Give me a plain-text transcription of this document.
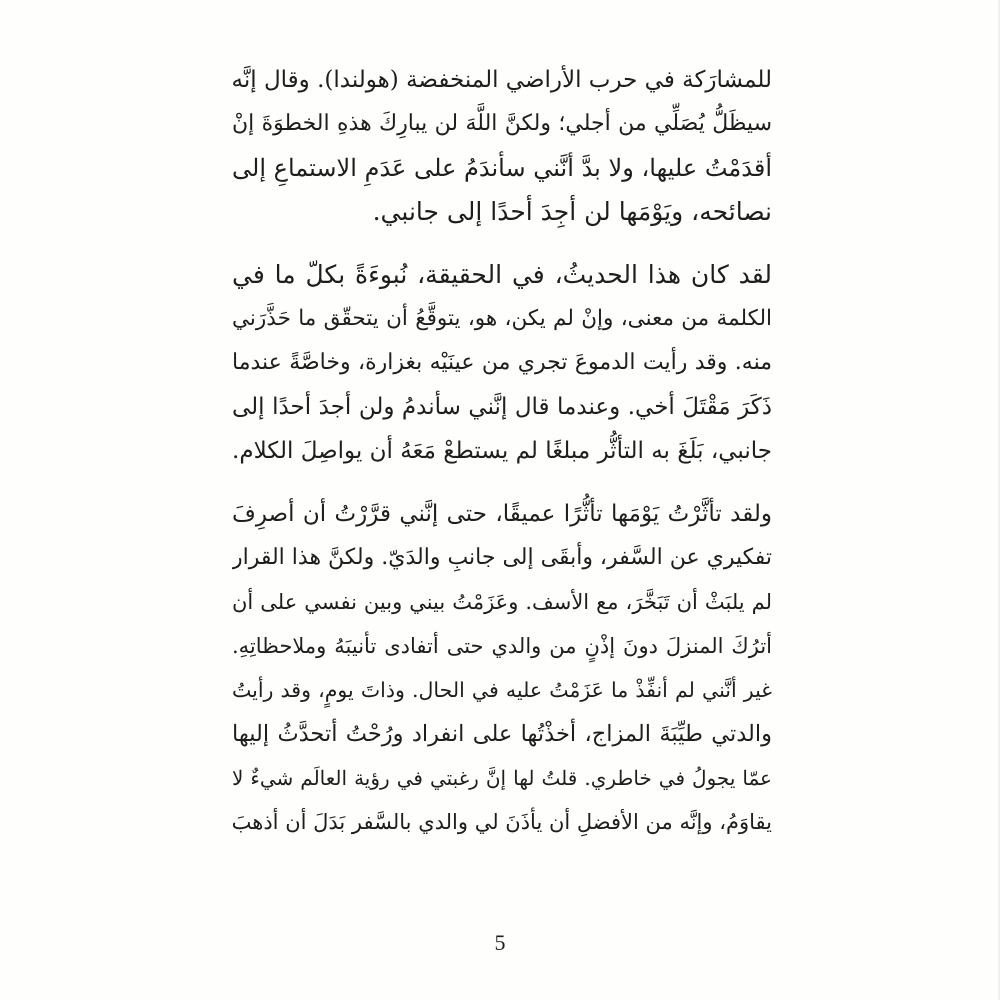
للمشارَكة في حرب الأراضي المنخفضة (هولندا). وقال إنَّه
سيظَلُّ يُصَلِّي من أجلي؛ ولكنَّ اللَّهَ لن يبارِكَ هذهِ الخطوَةَ إنْ
أقدَمْتُ عليها، ولا بدَّ أنَّني سأندَمُ على عَدَمِ الاستماعِ إلى
نصائحه، ويَوْمَها لن أجِدَ أحدًا إلى جانبي.
لقد كان هذا الحديثُ، في الحقيقة، نُبوءَةً بكلّ ما في
الكلمة من معنى، وإنْ لم يكن، هو، يتوقَّعُ أن يتحقّق ما حَذَّرَني
منه. وقد رأيت الدموعَ تجري من عينَيْه بغزارة، وخاصَّةً عندما
ذَكَرَ مَقْتَلَ أخي. وعندما قال إنَّني سأندمُ ولن أجدَ أحدًا إلى
جانبي، بَلَغَ به التأثُّر مبلغًا لم يستطعْ مَعَهُ أن يواصِلَ الكلام.
ولقد تأثَّرْتُ يَوْمَها تأثُّرًا عميقًا، حتى إنَّني قرَّرْتُ أن أصرِفَ
تفكيري عن السَّفر، وأبقَى إلى جانبِ والدَيّ. ولكنَّ هذا القرار
لم يلبَثْ أن تَبَخَّرَ، مع الأسف. وعَزَمْتُ بيني وبين نفسي على أن
أترُكَ المنزلَ دونَ إذْنٍ من والدي حتى أتفادى تأنيبَهُ وملاحظاتِهِ.
غير أنَّني لم أنفِّذْ ما عَزَمْتُ عليه في الحال. وذاتَ يومٍ، وقد رأيتُ
والدتي طيِّبَةَ المزاج، أخذْتُها على انفراد ورُحْتُ أتحدَّثُ إليها
عمّا يجولُ في خاطري. قلتُ لها إنَّ رغبتي في رؤية العالَم شيءٌ لا
يقاوَمُ، وإنَّه من الأفضلِ أن يأذَنَ لي والدي بالسَّفر بَدَلَ أن أذهبَ
5
